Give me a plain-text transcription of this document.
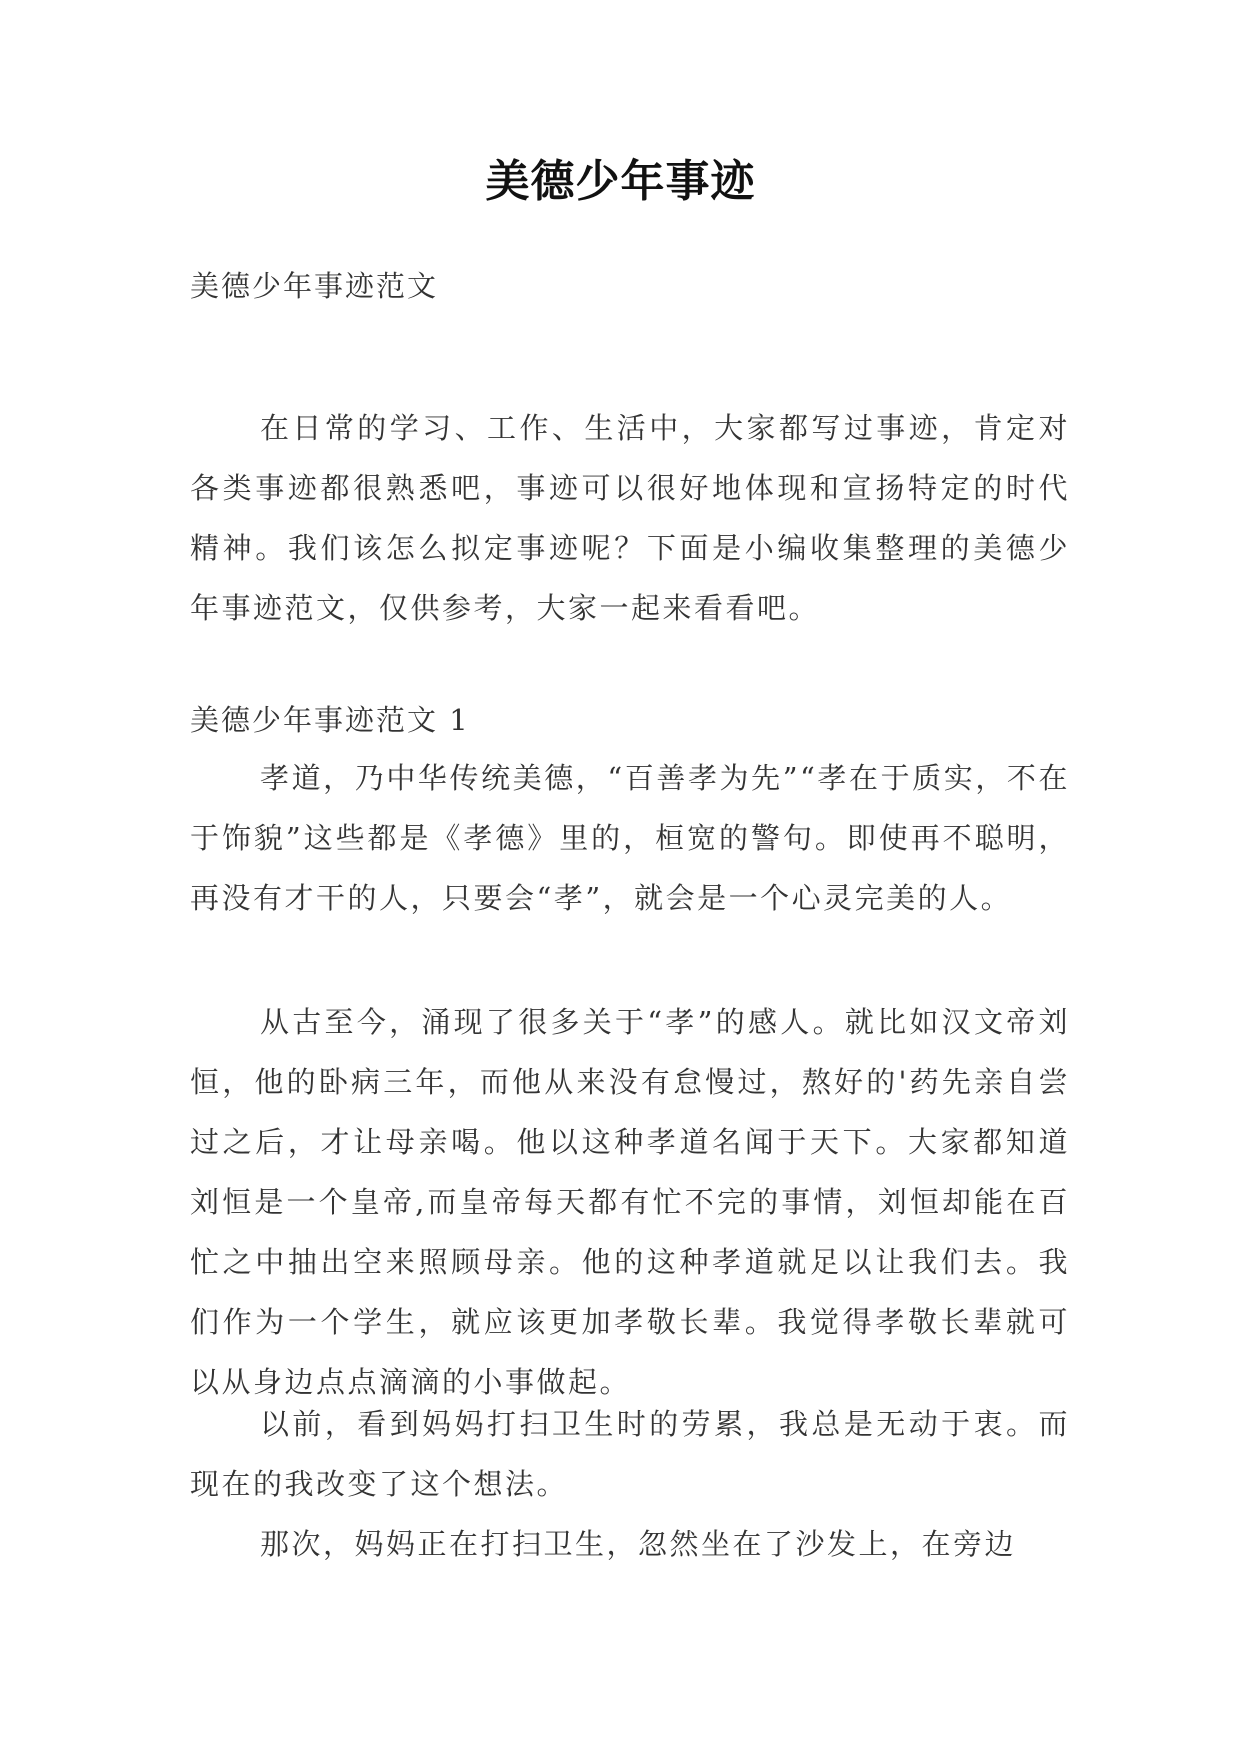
美德少年事迹
美德少年事迹范文

在日常的学习、工作、生活中，大家都写过事迹，肯定对各类事迹都很熟悉吧，事迹可以很好地体现和宣扬特定的时代精神。我们该怎么拟定事迹呢？下面是小编收集整理的美德少年事迹范文，仅供参考，大家一起来看看吧。

美德少年事迹范文 1

孝道，乃中华传统美德，“百善孝为先”“孝在于质实，不在于饰貌”这些都是《孝德》里的，桓宽的警句。即使再不聪明，再没有才干的人，只要会“孝”，就会是一个心灵完美的人。

从古至今，涌现了很多关于“孝”的感人。就比如汉文帝刘恒，他的卧病三年，而他从来没有怠慢过，熬好的'药先亲自尝过之后，才让母亲喝。他以这种孝道名闻于天下。大家都知道刘恒是一个皇帝,而皇帝每天都有忙不完的事情，刘恒却能在百忙之中抽出空来照顾母亲。他的这种孝道就足以让我们去。我们作为一个学生，就应该更加孝敬长辈。我觉得孝敬长辈就可以从身边点点滴滴的小事做起。

以前，看到妈妈打扫卫生时的劳累，我总是无动于衷。而现在的我改变了这个想法。

那次，妈妈正在打扫卫生，忽然坐在了沙发上，在旁边
